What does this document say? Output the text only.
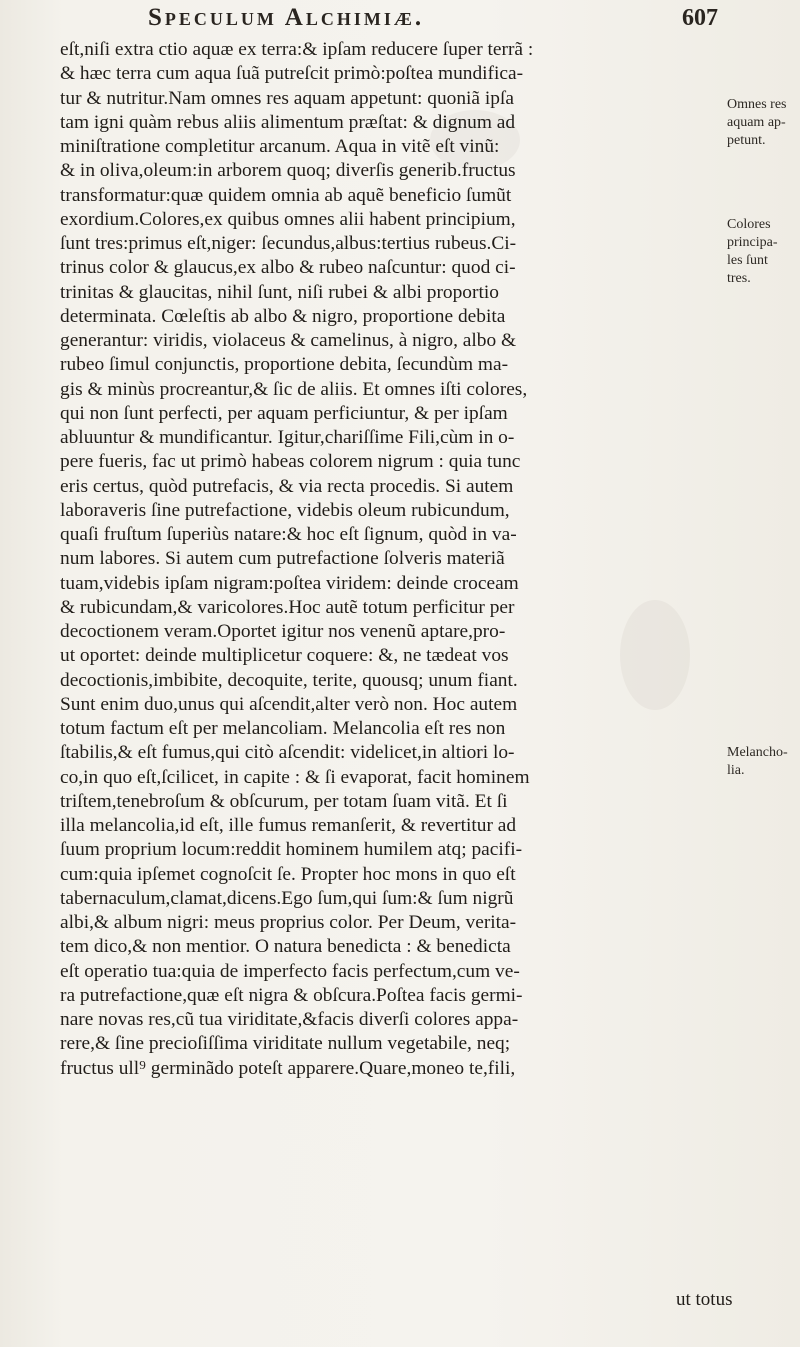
Speculum Alchimiæ.	607
eſt,niſi extra ctio aquæ ex terra:& ipſam reducere ſuper terrã :
& hæc terra cum aqua ſuã putreſcit primò:poſtea mundifica-
tur & nutritur.Nam omnes res aquam appetunt: quoniã ipſa
tam igni quàm rebus aliis alimentum præſtat: & dignum ad
miniſtratione completitur arcanum. Aqua in vitẽ eſt vinũ:
& in oliva,oleum:in arborem quoq; diverſis generib.fructus
transformatur:quæ quidem omnia ab aquẽ beneficio ſumũt
exordium.Colores,ex quibus omnes alii habent principium,
ſunt tres:primus eſt,niger: ſecundus,albus:tertius rubeus.Ci-
trinus color & glaucus,ex albo & rubeo naſcuntur: quod ci-
trinitas & glaucitas, nihil ſunt, niſi rubei & albi proportio
determinata. Cœleſtis ab albo & nigro, proportione debita
generantur: viridis, violaceus & camelinus, à nigro, albo &
rubeo ſimul conjunctis, proportione debita, ſecundùm ma-
gis & minùs procreantur,& ſic de aliis. Et omnes iſti colores,
qui non ſunt perfecti, per aquam perficiuntur, & per ipſam
abluuntur & mundificantur. Igitur,chariſſime Fili,cùm in o-
pere fueris, fac ut primò habeas colorem nigrum : quia tunc
eris certus, quòd putrefacis, & via recta procedis. Si autem
laboraveris ſine putrefactione, videbis oleum rubicundum,
quaſi fruſtum ſuperiùs natare:& hoc eſt ſignum, quòd in va-
num labores. Si autem cum putrefactione ſolveris materiã
tuam,videbis ipſam nigram:poſtea viridem: deinde croceam
& rubicundam,& varicolores.Hoc autẽ totum perficitur per
decoctionem veram.Oportet igitur nos venenũ aptare,pro-
ut oportet: deinde multiplicetur coquere: &, ne tædeat vos
decoctionis,imbibite, decoquite, terite, quousq; unum fiant.
Sunt enim duo,unus qui aſcendit,alter verò non. Hoc autem
totum factum eſt per melancoliam. Melancolia eſt res non
ſtabilis,& eſt fumus,qui citò aſcendit: videlicet,in altiori lo-
co,in quo eſt,ſcilicet, in capite : & ſi evaporat, facit hominem
triſtem,tenebroſum & obſcurum, per totam ſuam vitã. Et ſi
illa melancolia,id eſt, ille fumus remanſerit, & revertitur ad
ſuum proprium locum:reddit hominem humilem atq; pacifi-
cum:quia ipſemet cognoſcit ſe. Propter hoc mons in quo eſt
tabernaculum,clamat,dicens.Ego ſum,qui ſum:& ſum nigrũ
albi,& album nigri: meus proprius color. Per Deum, verita-
tem dico,& non mentior. O natura benedicta : & benedicta
eſt operatio tua:quia de imperfecto facis perfectum,cum ve-
ra putrefactione,quæ eſt nigra & obſcura.Poſtea facis germi-
nare novas res,cũ tua viriditate,&facis diverſi colores appa-
rere,& ſine precioſiſſima viriditate nullum vegetabile, neq;
fructus ull⁹ germinãdo poteſt apparere.Quare,moneo te,fili,
Omnes res
aquam ap-
petunt.
Colores
principa-
les ſunt
tres.
Melancho-
lia.
ut totus
